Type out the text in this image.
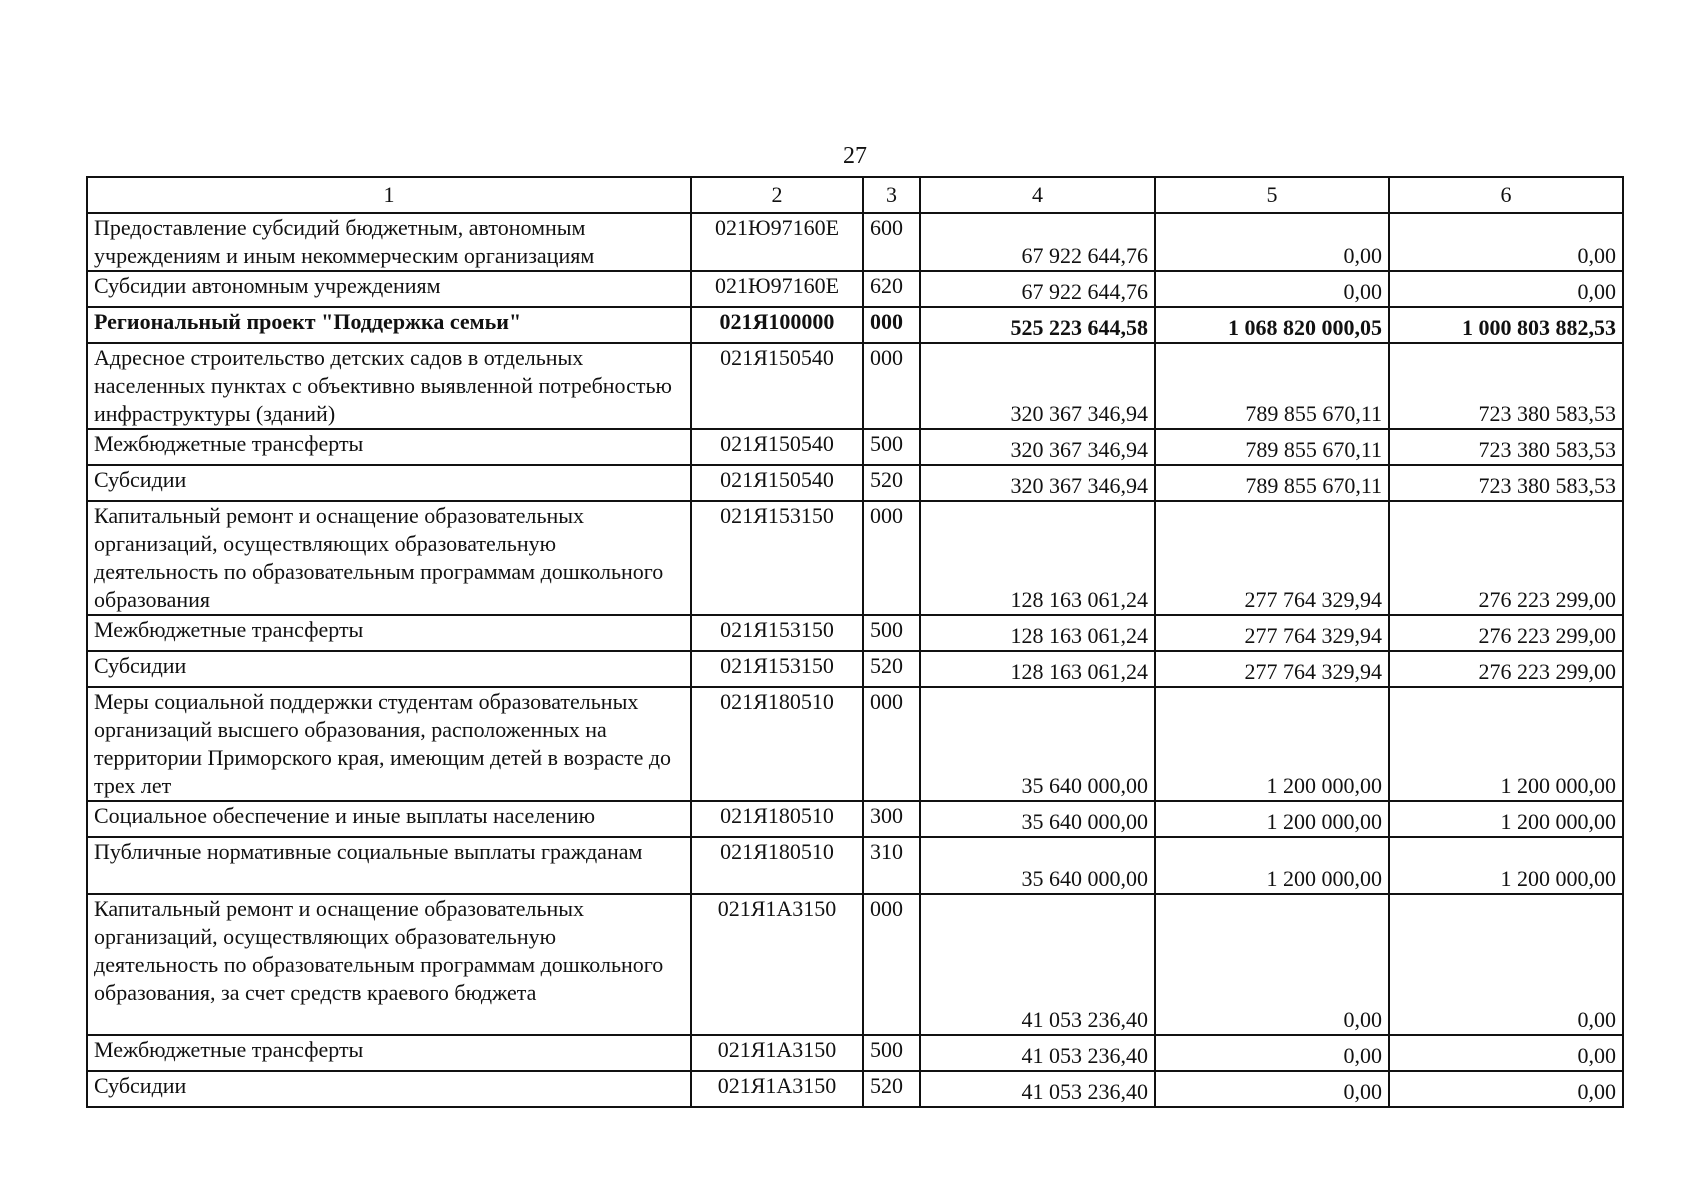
27
1	2	3	4	5	6
Предоставление субсидий бюджетным, автономным учреждениям и иным некоммерческим организациям	021Ю97160Е	600	67 922 644,76	0,00	0,00
Субсидии автономным учреждениям	021Ю97160Е	620	67 922 644,76	0,00	0,00
Региональный проект "Поддержка семьи"	021Я100000	000	525 223 644,58	1 068 820 000,05	1 000 803 882,53
Адресное строительство детских садов в отдельных населенных пунктах с объективно выявленной потребностью инфраструктуры (зданий)	021Я150540	000	320 367 346,94	789 855 670,11	723 380 583,53
Межбюджетные трансферты	021Я150540	500	320 367 346,94	789 855 670,11	723 380 583,53
Субсидии	021Я150540	520	320 367 346,94	789 855 670,11	723 380 583,53
Капитальный ремонт и оснащение образовательных организаций, осуществляющих образовательную деятельность по образовательным программам дошкольного образования	021Я153150	000	128 163 061,24	277 764 329,94	276 223 299,00
Межбюджетные трансферты	021Я153150	500	128 163 061,24	277 764 329,94	276 223 299,00
Субсидии	021Я153150	520	128 163 061,24	277 764 329,94	276 223 299,00
Меры социальной поддержки студентам образовательных организаций высшего образования, расположенных на территории Приморского края, имеющим детей в возрасте до трех лет	021Я180510	000	35 640 000,00	1 200 000,00	1 200 000,00
Социальное обеспечение и иные выплаты населению	021Я180510	300	35 640 000,00	1 200 000,00	1 200 000,00
Публичные нормативные социальные выплаты гражданам	021Я180510	310	35 640 000,00	1 200 000,00	1 200 000,00
Капитальный ремонт и оснащение образовательных организаций, осуществляющих образовательную деятельность по образовательным программам дошкольного образования, за счет средств краевого бюджета	021Я1А3150	000	41 053 236,40	0,00	0,00
Межбюджетные трансферты	021Я1А3150	500	41 053 236,40	0,00	0,00
Субсидии	021Я1А3150	520	41 053 236,40	0,00	0,00
